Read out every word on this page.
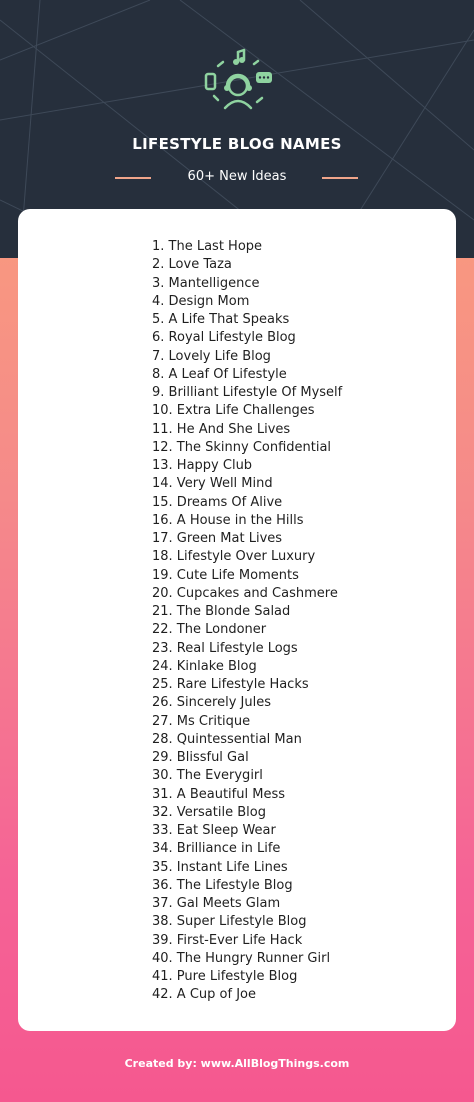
LIFESTYLE BLOG NAMES
60+ New Ideas
1. The Last Hope
2. Love Taza
3. Mantelligence
4. Design Mom
5. A Life That Speaks
6. Royal Lifestyle Blog
7. Lovely Life Blog
8. A Leaf Of Lifestyle
9. Brilliant Lifestyle Of Myself
10. Extra Life Challenges
11. He And She Lives
12. The Skinny Confidential
13. Happy Club
14. Very Well Mind
15. Dreams Of Alive
16. A House in the Hills
17. Green Mat Lives
18. Lifestyle Over Luxury
19. Cute Life Moments
20. Cupcakes and Cashmere
21. The Blonde Salad
22. The Londoner
23. Real Lifestyle Logs
24. Kinlake Blog
25. Rare Lifestyle Hacks
26. Sincerely Jules
27. Ms Critique
28. Quintessential Man
29. Blissful Gal
30. The Everygirl
31. A Beautiful Mess
32. Versatile Blog
33. Eat Sleep Wear
34. Brilliance in Life
35. Instant Life Lines
36. The Lifestyle Blog
37. Gal Meets Glam
38. Super Lifestyle Blog
39. First-Ever Life Hack
40. The Hungry Runner Girl
41. Pure Lifestyle Blog
42. A Cup of Joe
Created by: www.AllBlogThings.com
